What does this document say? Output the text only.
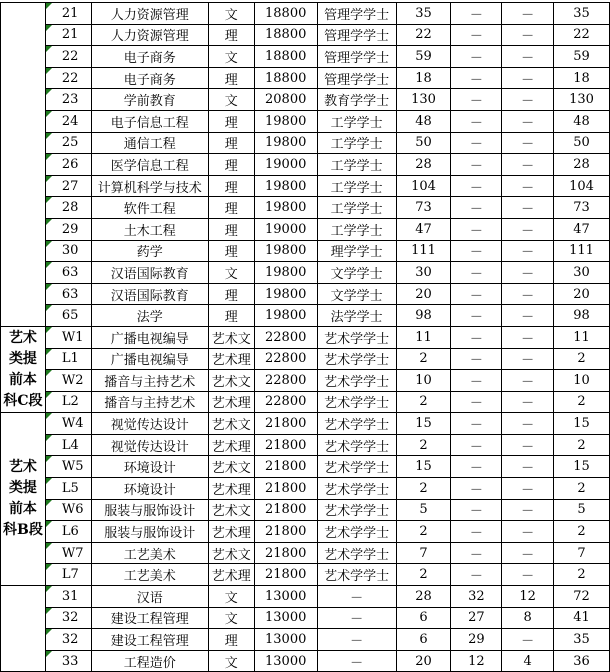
	21	人力资源管理	文	18800	管理学学士	35	－	－	35
	21	人力资源管理	理	18800	管理学学士	22	－	－	22
	22	电子商务	文	18800	管理学学士	59	－	－	59
	22	电子商务	理	18800	管理学学士	18	－	－	18
	23	学前教育	文	20800	教育学学士	130	－	－	130
	24	电子信息工程	理	19800	工学学士	48	－	－	48
	25	通信工程	理	19800	工学学士	50	－	－	50
	26	医学信息工程	理	19000	工学学士	28	－	－	28
	27	计算机科学与技术	理	19800	工学学士	104	－	－	104
	28	软件工程	理	19800	工学学士	73	－	－	73
	29	土木工程	理	19000	工学学士	47	－	－	47
	30	药学	理	19800	理学学士	111	－	－	111
	63	汉语国际教育	文	19800	文学学士	30	－	－	30
	63	汉语国际教育	理	19800	文学学士	20	－	－	20
	65	法学	理	19800	法学学士	98	－	－	98
艺术类提前本科C段	W1	广播电视编导	艺术文	22800	艺术学学士	11	－	－	11
	L1	广播电视编导	艺术理	22800	艺术学学士	2	－	－	2
	W2	播音与主持艺术	艺术文	22800	艺术学学士	10	－	－	10
	L2	播音与主持艺术	艺术理	22800	艺术学学士	2	－	－	2
艺术类提前本科B段	W4	视觉传达设计	艺术文	21800	艺术学学士	15	－	－	15
	L4	视觉传达设计	艺术理	21800	艺术学学士	2	－	－	2
	W5	环境设计	艺术文	21800	艺术学学士	15	－	－	15
	L5	环境设计	艺术理	21800	艺术学学士	2	－	－	2
	W6	服装与服饰设计	艺术文	21800	艺术学学士	5	－	－	5
	L6	服装与服饰设计	艺术理	21800	艺术学学士	2	－	－	2
	W7	工艺美术	艺术文	21800	艺术学学士	7	－	－	7
	L7	工艺美术	艺术理	21800	艺术学学士	2	－	－	2
	31	汉语	文	13000	－	28	32	12	72
	32	建设工程管理	文	13000	－	6	27	8	41
	32	建设工程管理	理	13000	－	6	29	－	35
	33	工程造价	文	13000	－	20	12	4	36
